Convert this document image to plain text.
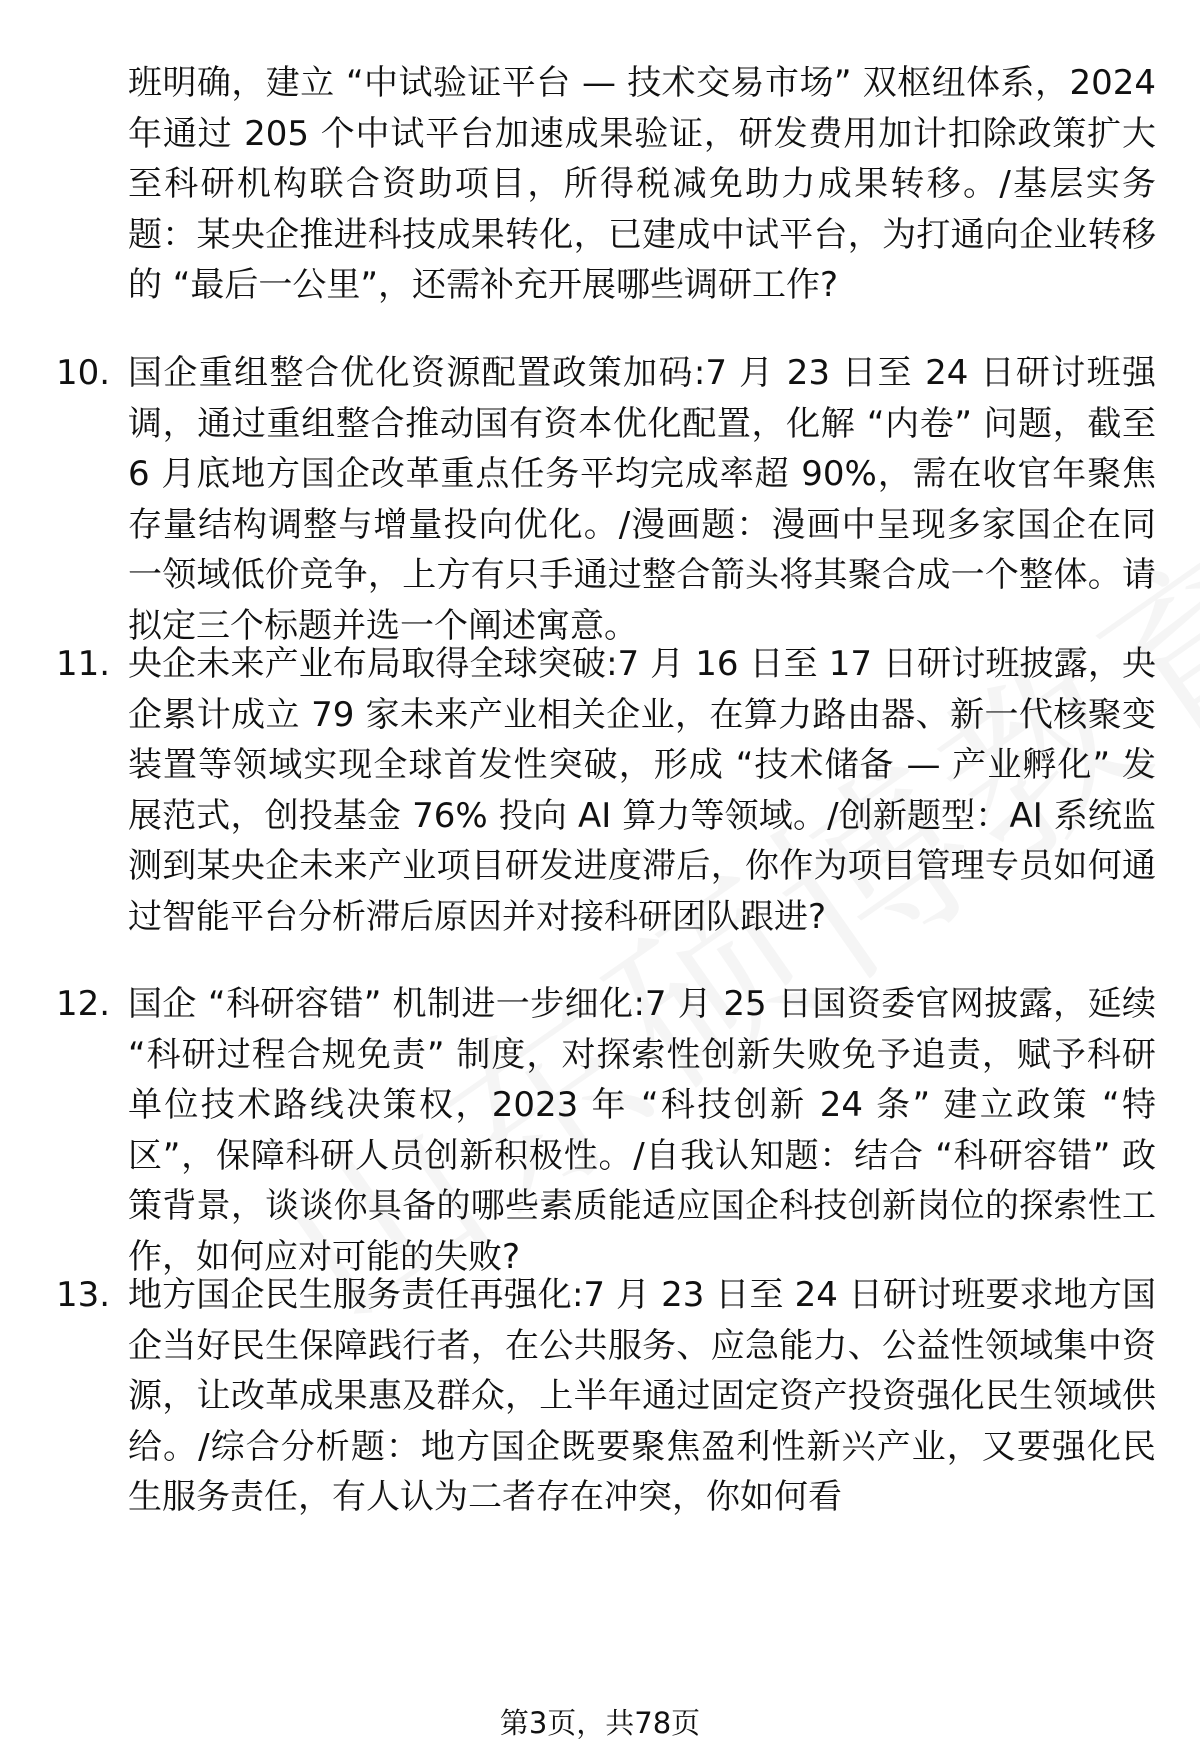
班明确，建立 “中试验证平台 — 技术交易市场” 双枢纽体系，2024 年通过 205 个中试平台加速成果验证，研发费用加计扣除政策扩大至科研机构联合资助项目，所得税减免助力成果转移。/基层实务题：某央企推进科技成果转化，已建成中试平台，为打通向企业转移的 “最后一公里”，还需补充开展哪些调研工作?
10. 国企重组整合优化资源配置政策加码:7 月 23 日至 24 日研讨班强调，通过重组整合推动国有资本优化配置，化解 “内卷” 问题，截至 6 月底地方国企改革重点任务平均完成率超 90%，需在收官年聚焦存量结构调整与增量投向优化。/漫画题：漫画中呈现多家国企在同一领域低价竞争，上方有只手通过整合箭头将其聚合成一个整体。请拟定三个标题并选一个阐述寓意。
11. 央企未来产业布局取得全球突破:7 月 16 日至 17 日研讨班披露，央企累计成立 79 家未来产业相关企业，在算力路由器、新一代核聚变装置等领域实现全球首发性突破，形成 “技术储备 — 产业孵化” 发展范式，创投基金 76% 投向 AI 算力等领域。/创新题型：AI 系统监测到某央企未来产业项目研发进度滞后，你作为项目管理专员如何通过智能平台分析滞后原因并对接科研团队跟进?
12. 国企 “科研容错” 机制进一步细化:7 月 25 日国资委官网披露，延续 “科研过程合规免责” 制度，对探索性创新失败免予追责，赋予科研单位技术路线决策权，2023 年 “科技创新 24 条” 建立政策 “特区”，保障科研人员创新积极性。/自我认知题：结合 “科研容错” 政策背景，谈谈你具备的哪些素质能适应国企科技创新岗位的探索性工作，如何应对可能的失败?
13. 地方国企民生服务责任再强化:7 月 23 日至 24 日研讨班要求地方国企当好民生保障践行者，在公共服务、应急能力、公益性领域集中资源，让改革成果惠及群众，上半年通过固定资产投资强化民生领域供给。/综合分析题：地方国企既要聚焦盈利性新兴产业，又要强化民生服务责任，有人认为二者存在冲突，你如何看
第3页，共78页
